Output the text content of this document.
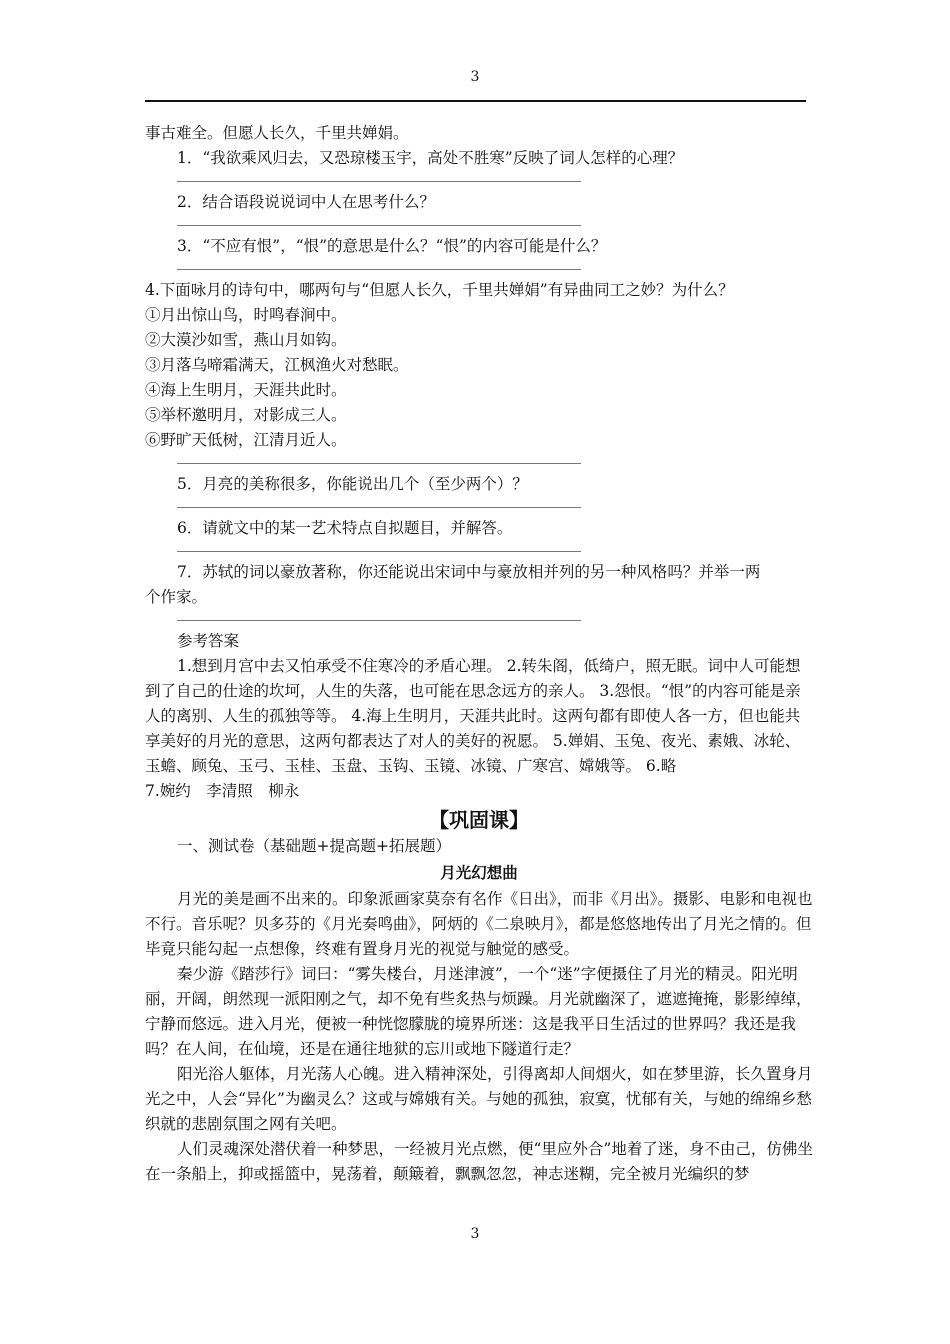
3

事古难全。但愿人长久，千里共婵娟。

1．“我欲乘风归去，又恐琼楼玉宇，高处不胜寒”反映了词人怎样的心理？

2．结合语段说说词中人在思考什么？

3．“不应有恨”，“恨”的意思是什么？“恨”的内容可能是什么？

4.下面咏月的诗句中，哪两句与“但愿人长久，千里共婵娟”有异曲同工之妙？为什么？

①月出惊山鸟，时鸣春涧中。

②大漠沙如雪，燕山月如钩。

③月落乌啼霜满天，江枫渔火对愁眠。

④海上生明月，天涯共此时。

⑤举杯邀明月，对影成三人。

⑥野旷天低树，江清月近人。

5．月亮的美称很多，你能说出几个（至少两个）？

6．请就文中的某一艺术特点自拟题目，并解答。

7．苏轼的词以豪放著称，你还能说出宋词中与豪放相并列的另一种风格吗？并举一两

个作家。

参考答案

1.想到月宫中去又怕承受不住寒冷的矛盾心理。 2.转朱阁，低绮户，照无眠。词中人可能想到了自己的仕途的坎坷，人生的失落，也可能在思念远方的亲人。 3.怨恨。“恨”的内容可能是亲人的离别、人生的孤独等等。 4.海上生明月，天涯共此时。这两句都有即使人各一方，但也能共享美好的月光的意思，这两句都表达了对人的美好的祝愿。 5.婵娟、玉兔、夜光、素娥、冰轮、玉蟾、顾兔、玉弓、玉桂、玉盘、玉钩、玉镜、冰镜、广寒宫、嫦娥等。 6.略

7.婉约　李清照　柳永

【巩固课】

一、测试卷（基础题+提高题+拓展题）

月光幻想曲

月光的美是画不出来的。印象派画家莫奈有名作《日出》，而非《月出》。摄影、电影和电视也不行。音乐呢？贝多芬的《月光奏鸣曲》，阿炳的《二泉映月》，都是悠悠地传出了月光之情的。但毕竟只能勾起一点想像，终难有置身月光的视觉与触觉的感受。

秦少游《踏莎行》词曰：“雾失楼台，月迷津渡”，一个“迷”字便摄住了月光的精灵。阳光明丽，开阔，朗然现一派阳刚之气，却不免有些炙热与烦躁。月光就幽深了，遮遮掩掩，影影绰绰，宁静而悠远。进入月光，便被一种恍惚朦胧的境界所迷：这是我平日生活过的世界吗？我还是我吗？在人间，在仙境，还是在通往地狱的忘川或地下隧道行走？

阳光浴人躯体，月光荡人心魄。进入精神深处，引得离却人间烟火，如在梦里游，长久置身月光之中，人会“异化”为幽灵么？这或与嫦娥有关。与她的孤独，寂寞，忧郁有关，与她的绵绵乡愁织就的悲剧氛围之网有关吧。

人们灵魂深处潜伏着一种梦思，一经被月光点燃，便“里应外合”地着了迷，身不由己，仿佛坐在一条船上，抑或摇篮中，晃荡着，颠簸着，飘飘忽忽，神志迷糊，完全被月光编织的梦

3
